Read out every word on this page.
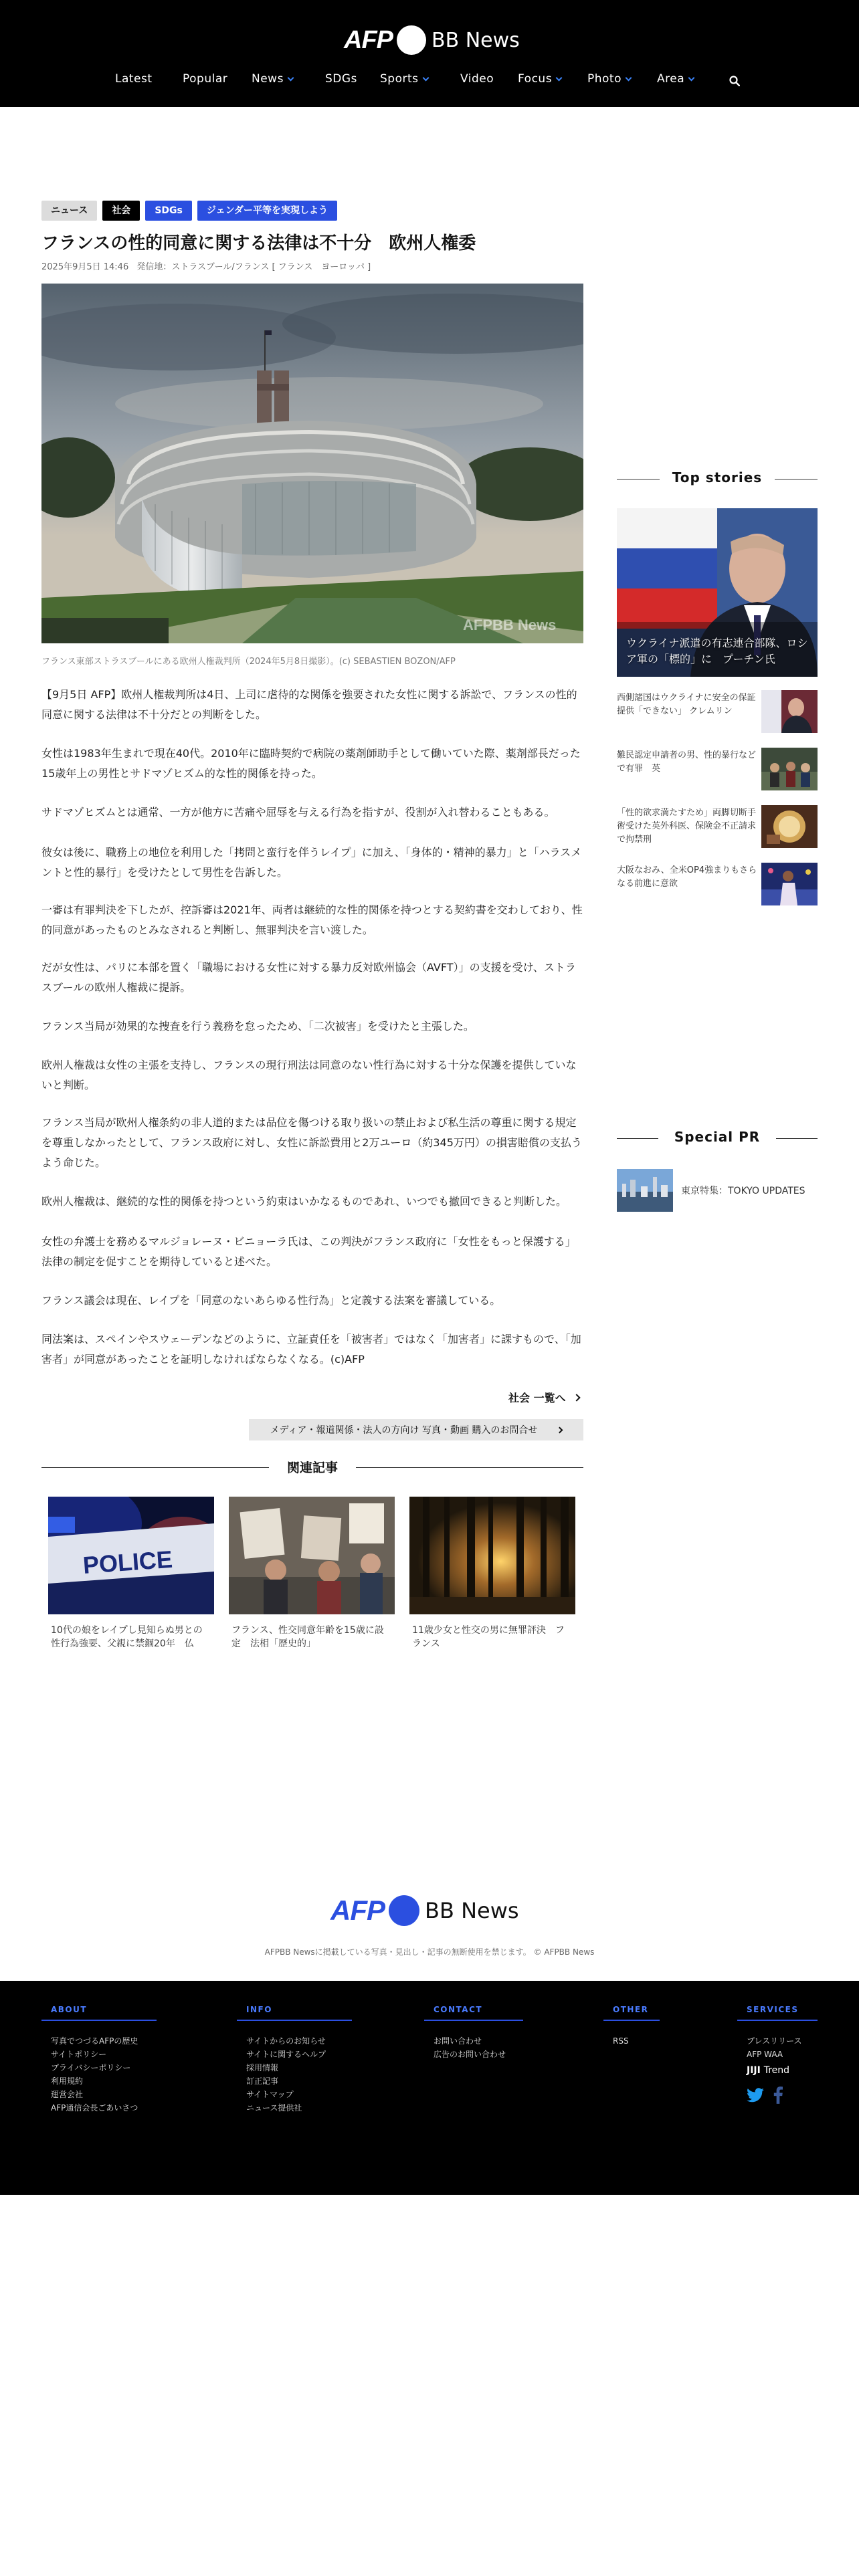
AFP BB News
Latest	Popular News	SDGs Sports	Video Focus	Photo	Area
ニュース	社会	SDGs	ジェンダー平等を実現しよう
フランスの性的同意に関する法律は不十分　欧州人権委
2025年9月5日 14:46 発信地：ストラスブール/フランス [ フランス　ヨーロッパ ]
AFPBB News
フランス東部ストラスブールにある欧州人権裁判所（2024年5月8日撮影）。(c) SEBASTIEN BOZON/AFP

【9月5日 AFP】欧州人権裁判所は4日、上司に虐待的な関係を強要された女性に関する訴訟で、フランスの性的同意に関する法律は不十分だとの判断をした。

女性は1983年生まれで現在40代。2010年に臨時契約で病院の薬剤師助手として働いていた際、薬剤部長だった15歳年上の男性とサドマゾヒズム的な性的関係を持った。

サドマゾヒズムとは通常、一方が他方に苦痛や屈辱を与える行為を指すが、役割が入れ替わることもある。

彼女は後に、職務上の地位を利用した「拷問と蛮行を伴うレイプ」に加え、「身体的・精神的暴力」と「ハラスメントと性的暴行」を受けたとして男性を告訴した。

一審は有罪判決を下したが、控訴審は2021年、両者は継続的な性的関係を持つとする契約書を交わしており、性的同意があったものとみなされると判断し、無罪判決を言い渡した。

だが女性は、パリに本部を置く「職場における女性に対する暴力反対欧州協会（AVFT）」の支援を受け、ストラスブールの欧州人権裁に提訴。

フランス当局が効果的な捜査を行う義務を怠ったため、「二次被害」を受けたと主張した。

欧州人権裁は女性の主張を支持し、フランスの現行刑法は同意のない性行為に対する十分な保護を提供していないと判断。

フランス当局が欧州人権条約の非人道的または品位を傷つける取り扱いの禁止および私生活の尊重に関する規定を尊重しなかったとして、フランス政府に対し、女性に訴訟費用と2万ユーロ（約345万円）の損害賠償の支払うよう命じた。

欧州人権裁は、継続的な性的関係を持つという約束はいかなるものであれ、いつでも撤回できると判断した。

女性の弁護士を務めるマルジョレーヌ・ビニョーラ氏は、この判決がフランス政府に「女性をもっと保護する」法律の制定を促すことを期待していると述べた。

フランス議会は現在、レイプを「同意のないあらゆる性行為」と定義する法案を審議している。

同法案は、スペインやスウェーデンなどのように、立証責任を「被害者」ではなく「加害者」に課すもので、「加害者」が同意があったことを証明しなければならなくなる。(c)AFP

社会 一覧へ
メディア・報道関係・法人の方向け 写真・動画 購入のお問合せ
関連記事
POLICE
10代の娘をレイプし見知らぬ男との性行為強要、父親に禁錮20年　仏
フランス、性交同意年齢を15歳に設定　法相「歴史的」
11歳少女と性交の男に無罪評決　フランス
Top stories
ウクライナ派遣の有志連合部隊、ロシア軍の「標的」に　プーチン氏
西側諸国はウクライナに安全の保証提供「できない」 クレムリン
難民認定申請者の男、性的暴行などで有罪　英
「性的欲求満たすため」両脚切断手術受けた英外科医、保険金不正請求で拘禁刑
大阪なおみ、全米OP4強まりもさらなる前進に意欲
Special PR
東京特集：TOKYO UPDATES
AFP BB News
AFPBB Newsに掲載している写真・見出し・記事の無断使用を禁じます。 © AFPBB News
ABOUT
写真でつづるAFPの歴史
サイトポリシー
プライバシーポリシー
利用規約
運営会社
AFP通信会長ごあいさつ
INFO
サイトからのお知らせ
サイトに関するヘルプ
採用情報
訂正記事
サイトマップ
ニュース提供社
CONTACT
お問い合わせ
広告のお問い合わせ
OTHER
RSS
SERVICES
プレスリリース
AFP WAA
JIJI Trend
